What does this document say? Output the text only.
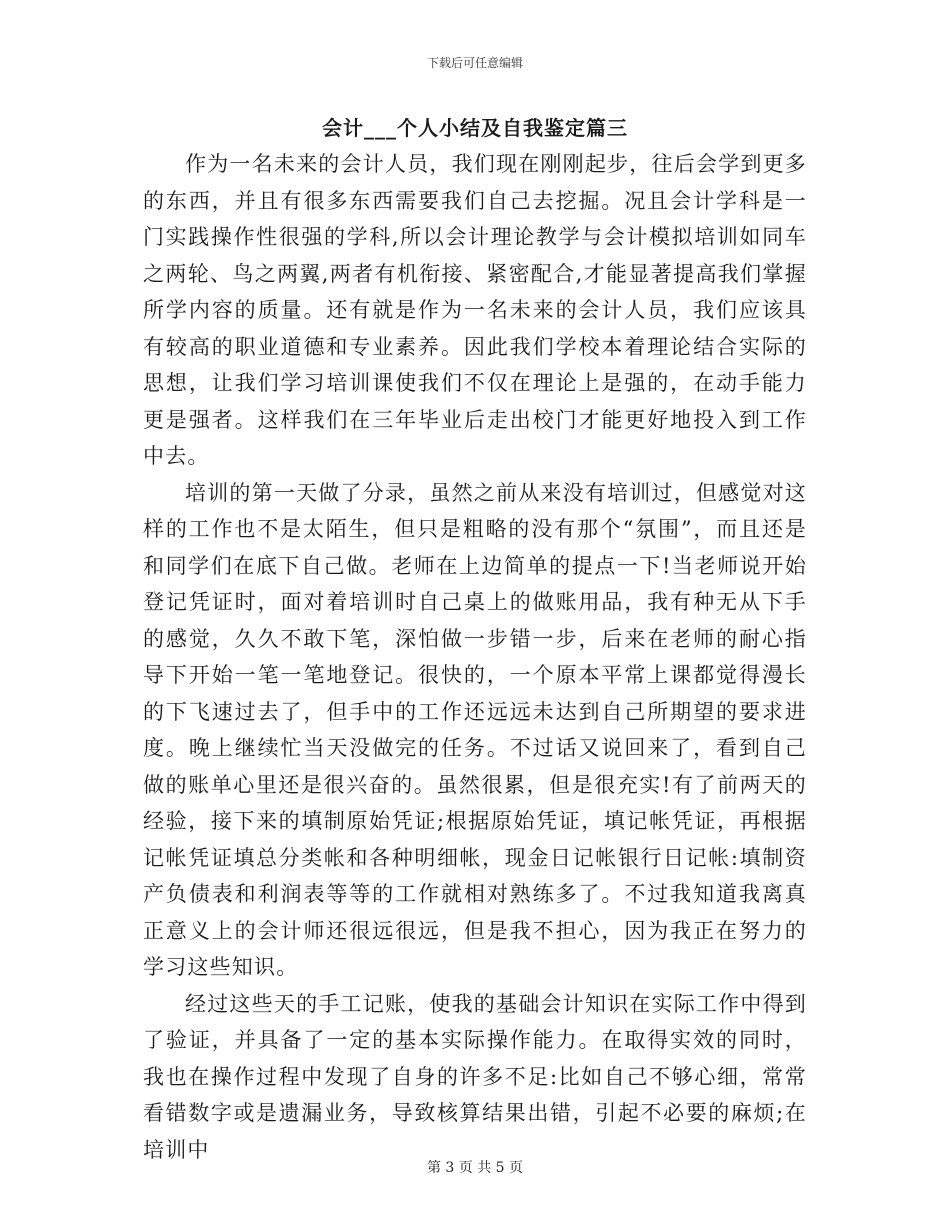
下载后可任意编辑
会计___个人小结及自我鉴定篇三

作为一名未来的会计人员，我们现在刚刚起步，往后会学到更多的东西，并且有很多东西需要我们自己去挖掘。况且会计学科是一门实践操作性很强的学科,所以会计理论教学与会计模拟培训如同车之两轮、鸟之两翼,两者有机衔接、紧密配合,才能显著提高我们掌握所学内容的质量。还有就是作为一名未来的会计人员，我们应该具有较高的职业道德和专业素养。因此我们学校本着理论结合实际的思想，让我们学习培训课使我们不仅在理论上是强的，在动手能力更是强者。这样我们在三年毕业后走出校门才能更好地投入到工作中去。

培训的第一天做了分录，虽然之前从来没有培训过，但感觉对这样的工作也不是太陌生，但只是粗略的没有那个“氛围”，而且还是和同学们在底下自己做。老师在上边简单的提点一下!当老师说开始登记凭证时，面对着培训时自己桌上的做账用品，我有种无从下手的感觉，久久不敢下笔，深怕做一步错一步，后来在老师的耐心指导下开始一笔一笔地登记。很快的，一个原本平常上课都觉得漫长的下飞速过去了，但手中的工作还远远未达到自己所期望的要求进度。晚上继续忙当天没做完的任务。不过话又说回来了，看到自己做的账单心里还是很兴奋的。虽然很累，但是很充实!有了前两天的经验，接下来的填制原始凭证;根据原始凭证，填记帐凭证，再根据记帐凭证填总分类帐和各种明细帐，现金日记帐银行日记帐:填制资产负债表和利润表等等的工作就相对熟练多了。不过我知道我离真正意义上的会计师还很远很远，但是我不担心，因为我正在努力的学习这些知识。

经过这些天的手工记账，使我的基础会计知识在实际工作中得到了验证，并具备了一定的基本实际操作能力。在取得实效的同时，我也在操作过程中发现了自身的许多不足:比如自己不够心细，常常看错数字或是遗漏业务，导致核算结果出错，引起不必要的麻烦;在培训中

第 3 页 共 5 页
